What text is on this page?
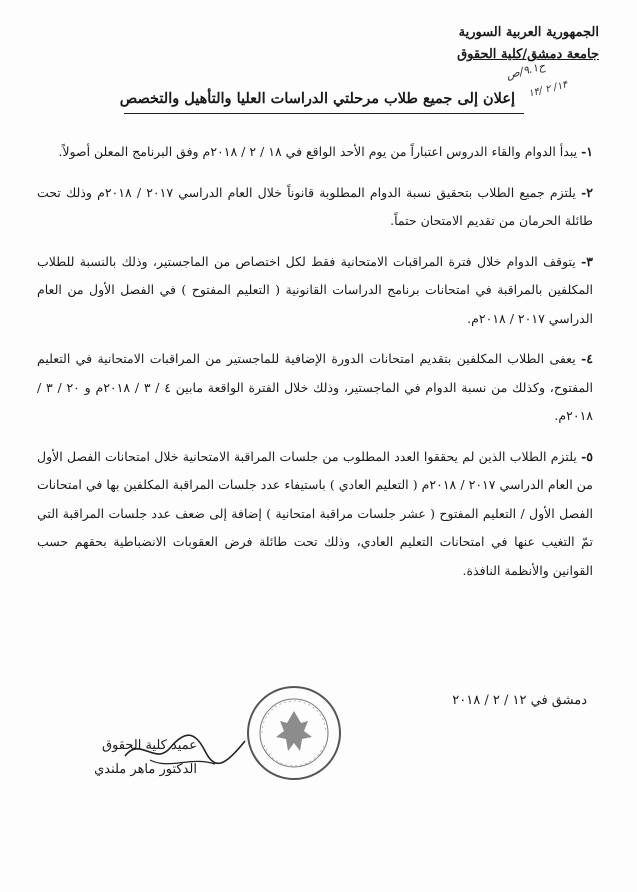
الجمهورية العربية السورية
جامعة دمشق/كلية الحقوق
ح۹.۱/ص
۱۴/ ۲ /۱۴
إعلان إلى جميع طلاب مرحلتي الدراسات العليا والتأهيل والتخصص

١- يبدأ الدوام والقاء الدروس اعتباراً من يوم الأحد الواقع في ١٨ / ٢ / ٢٠١٨م وفق البرنامج المعلن أصولاً.

٢- يلتزم جميع الطلاب بتحقيق نسبة الدوام المطلوبة قانوناً خلال العام الدراسي ٢٠١٧ / ٢٠١٨م وذلك تحت طائلة الحرمان من تقديم الامتحان حتماً.

٣- يتوقف الدوام خلال فترة المراقبات الامتحانية فقط لكل اختصاص من الماجستير، وذلك بالنسبة للطلاب المكلفين بالمراقبة في امتحانات برنامج الدراسات القانونية ( التعليم المفتوح ) في الفصل الأول من العام الدراسي ٢٠١٧ / ٢٠١٨م.

٤- يعفى الطلاب المكلفين بتقديم امتحانات الدورة الإضافية للماجستير من المراقبات الامتحانية في التعليم المفتوح، وكذلك من نسبة الدوام في الماجستير، وذلك خلال الفترة الواقعة مابين ٤ / ٣ / ٢٠١٨م و ٢٠ / ٣ / ٢٠١٨م.

٥- يلتزم الطلاب الذين لم يحققوا العدد المطلوب من جلسات المراقبة الامتحانية خلال امتحانات الفصل الأول من العام الدراسي ٢٠١٧ / ٢٠١٨م ( التعليم العادي ) باستيفاء عدد جلسات المراقبة المكلفين بها في امتحانات الفصل الأول / التعليم المفتوح ( عشر جلسات مراقبة امتحانية ) إضافة إلى ضعف عدد جلسات المراقبة التي تمّ التغيب عنها في امتحانات التعليم العادي، وذلك تحت طائلة فرض العقوبات الانضباطية بحقهم حسب القوانين والأنظمة النافذة.

دمشق في ١٢ / ٢ / ٢٠١٨
عميد كلية الحقوق
الدكتور ماهر ملندي
